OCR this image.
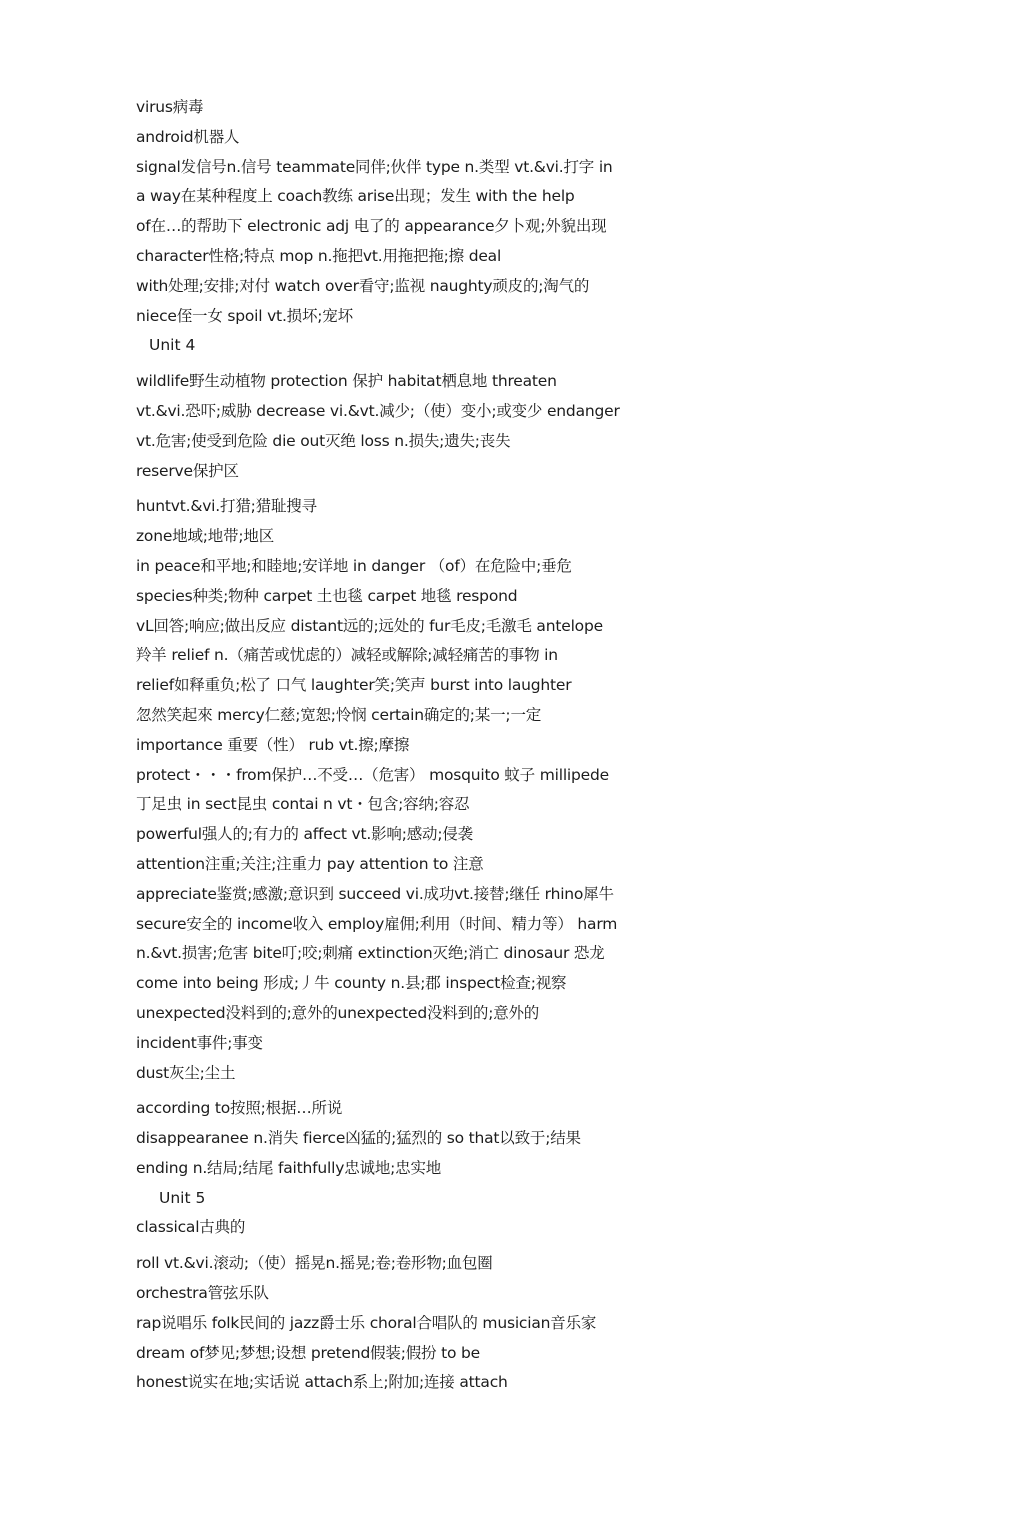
virus病毒
android机器人
signal发信号n.信号 teammate同伴;伙伴 type n.类型 vt.&vi.打字 in
a way在某种程度上 coach教练 arise出现；发生 with the help
of在…的帮助下 electronic adj 电了的 appearance夕卜观;外貌出现
character性格;特点 mop n.拖把vt.用拖把拖;擦 deal
with处理;安排;对付 watch over看守;监视 naughty顽皮的;淘气的
niece侄一女 spoil vt.损坏;宠坏
Unit 4
wildlife野生动植物 protection 保护 habitat栖息地 threaten
vt.&vi.恐吓;威胁 decrease vi.&vt.减少;（使）变小;或变少 endanger
vt.危害;使受到危险 die out灭绝 loss n.损失;遗失;丧失
reserve保护区
huntvt.&vi.打猎;猎耻搜寻
zone地域;地带;地区
in peace和平地;和睦地;安详地 in danger （of）在危险中;垂危
species种类;物种 carpet 土也毯 carpet 地毯 respond
vL回答;响应;做出反应 distant远的;远处的 fur毛皮;毛激毛 antelope
羚羊 relief n.（痛苦或忧虑的）减轻或解除;减轻痛苦的事物 in
relief如释重负;松了 口气 laughter笑;笑声 burst into laughter
忽然笑起來 mercy仁慈;宽恕;怜悯 certain确定的;某一;一定
importance 重要（性） rub vt.擦;摩擦
protect・・・from保护…不受…（危害） mosquito 蚊子 millipede
丁足虫 in sect昆虫 contai n vt・包含;容纳;容忍
powerful强人的;有力的 affect vt.影响;感动;侵袭
attention注重;关注;注重力 pay attention to 注意
appreciate鉴赏;感激;意识到 succeed vi.成功vt.接替;继任 rhino犀牛
secure安全的 income收入 employ雇佣;利用（时间、精力等） harm
n.&vt.损害;危害 bite叮;咬;刺痛 extinction灭绝;消亡 dinosaur 恐龙
come into being 形成;丿牛 county n.县;郡 inspect检查;视察
unexpected没料到的;意外的unexpected没料到的;意外的
incident事件;事变
dust灰尘;尘土
according to按照;根据…所说
disappearanee n.消失 fierce凶猛的;猛烈的 so that以致于;结果
ending n.结局;结尾 faithfully忠诚地;忠实地
Unit 5
classical古典的
roll vt.&vi.滚动;（使）摇晃n.摇晃;卷;卷形物;血包圈
orchestra管弦乐队
rap说唱乐 folk民间的 jazz爵士乐 choral合唱队的 musician音乐家
dream of梦见;梦想;设想 pretend假装;假扮 to be
honest说实在地;实话说 attach系上;附加;连接 attach
